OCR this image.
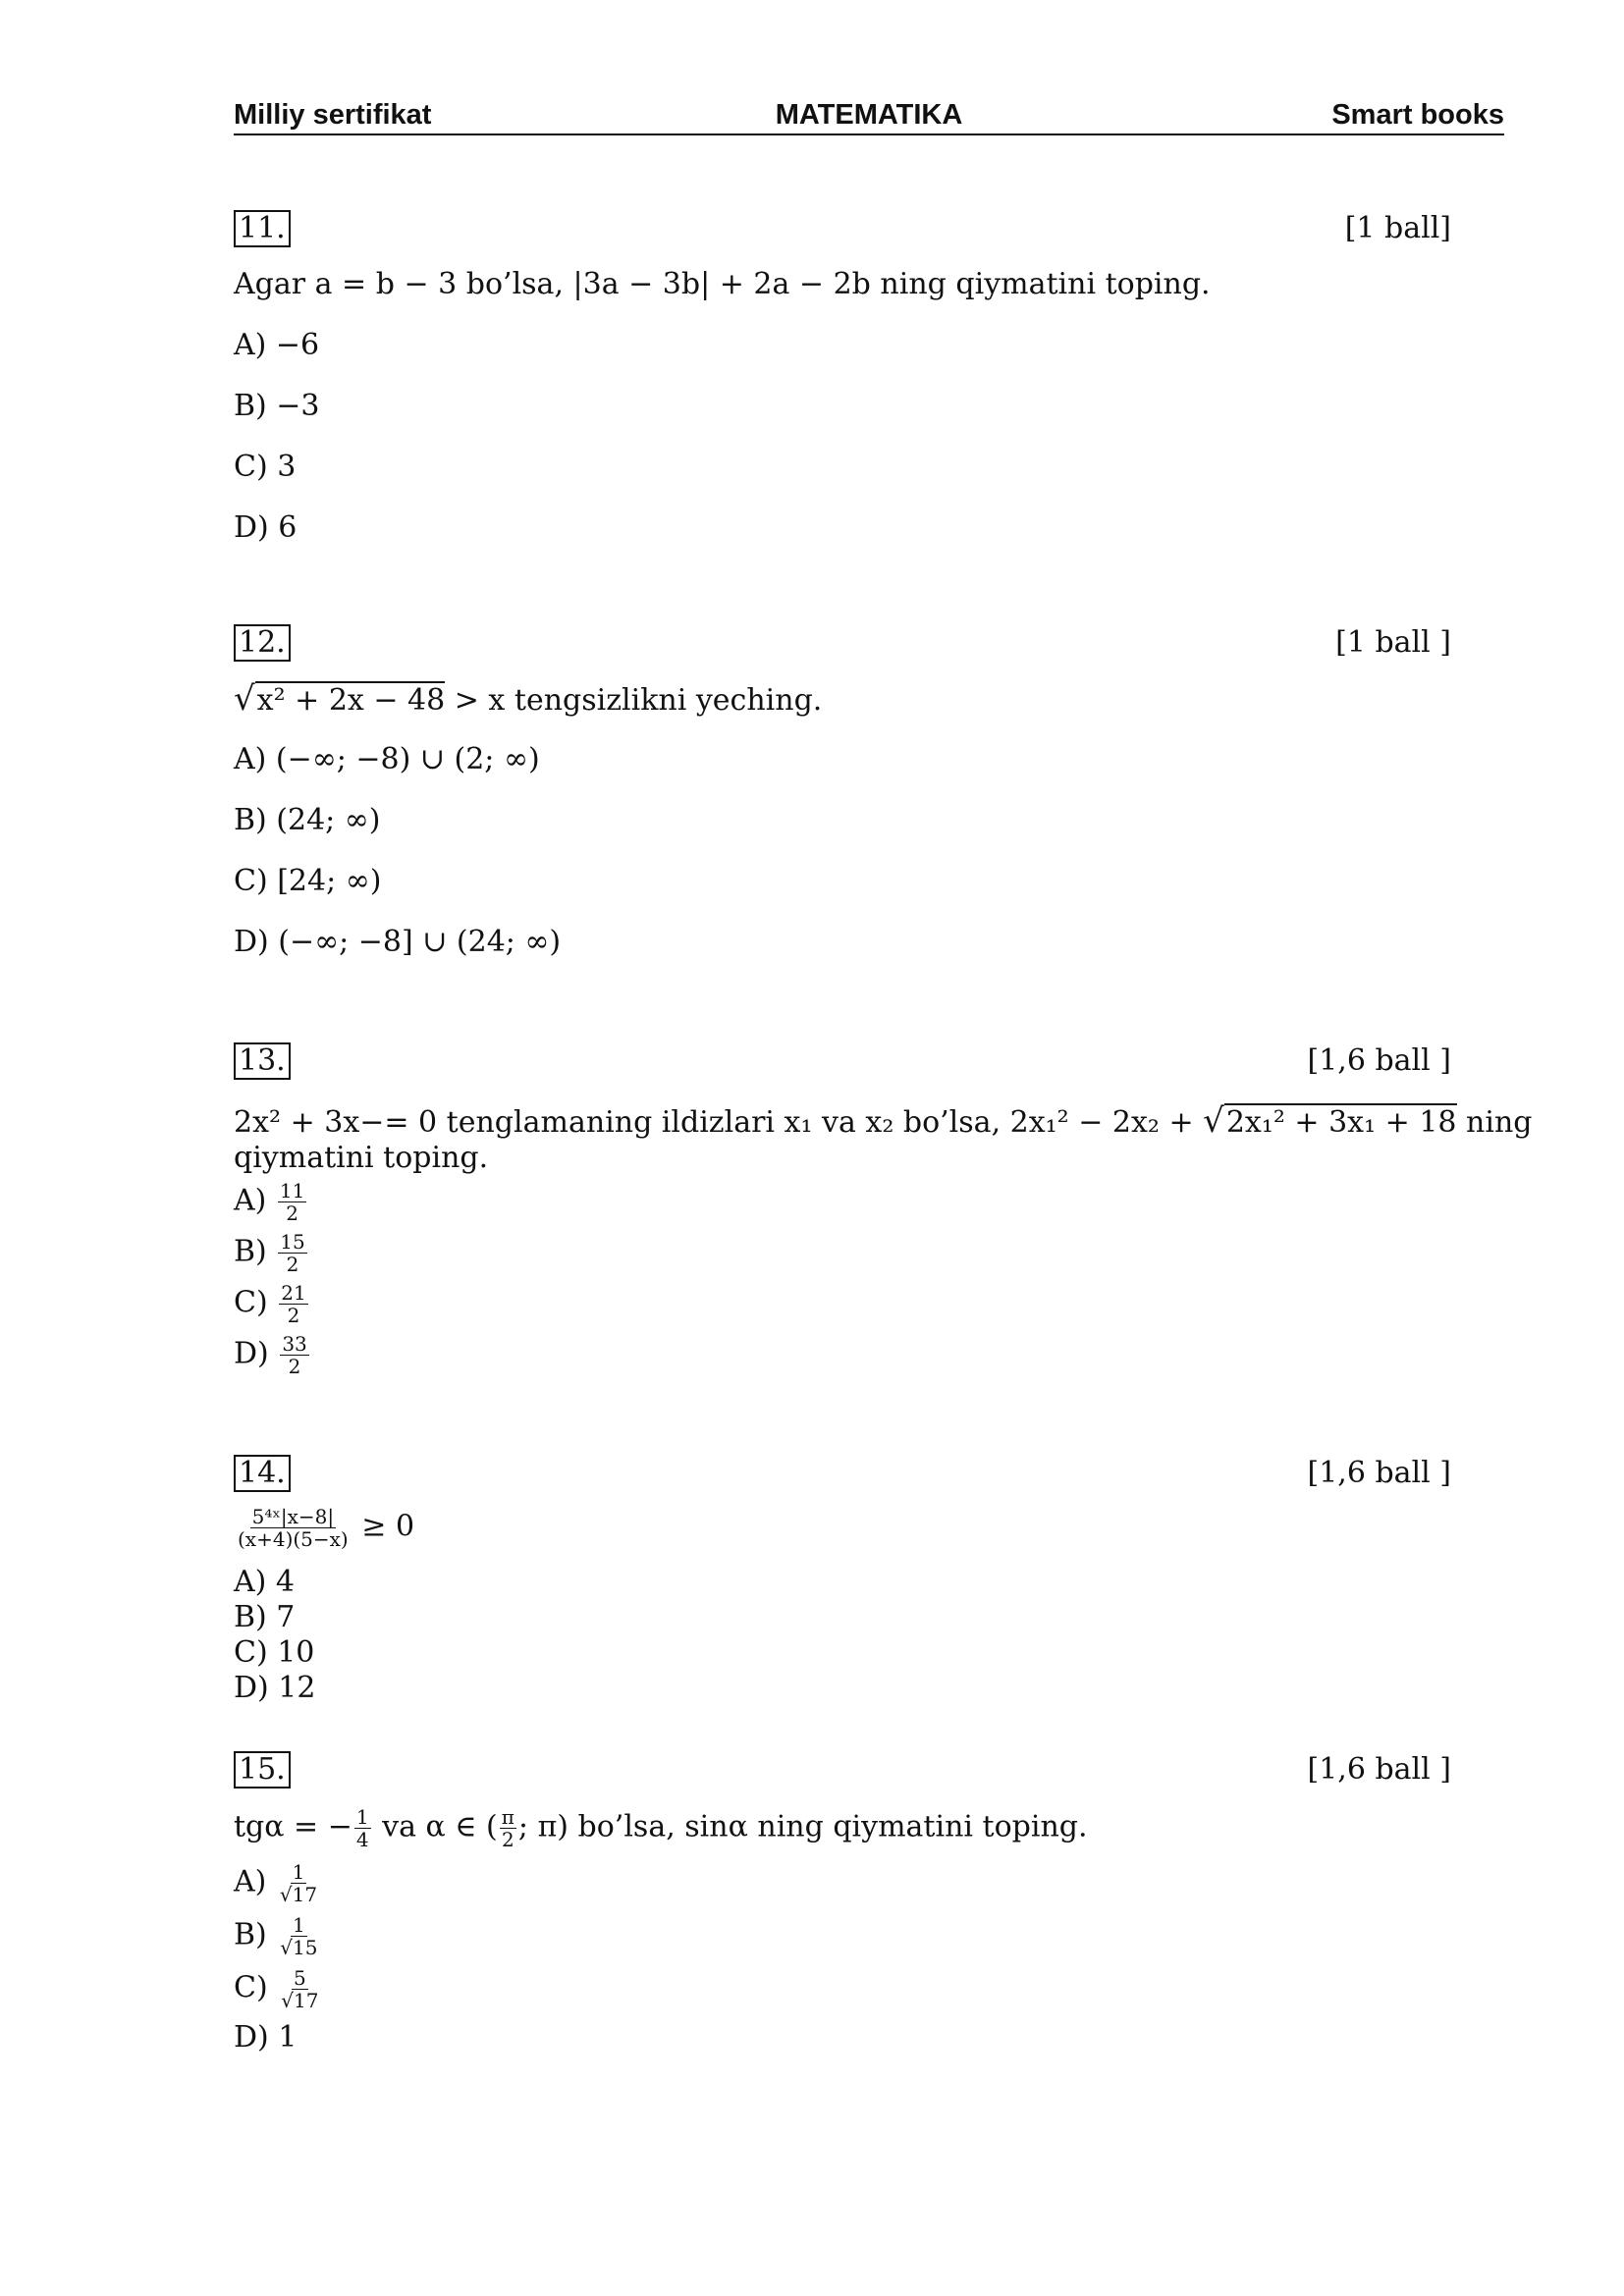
Milliy sertifikat	MATEMATIKA	Smart books
11.	[1 ball]
Agar a = b − 3 bo’lsa, |3a − 3b| + 2a − 2b ning qiymatini toping.
A) −6
B) −3
C) 3
D) 6
12.	[1 ball ]
√x² + 2x − 48 > x tengsizlikni yeching.
A) (−∞; −8) ∪ (2; ∞)
B) (24; ∞)
C) [24; ∞)
D) (−∞; −8] ∪ (24; ∞)
13.	[1,6 ball ]
2x² + 3x−= 0 tenglamaning ildizlari x₁ va x₂ bo’lsa, 2x₁² − 2x₂ + √2x₁² + 3x₁ + 18 ning
qiymatini toping.
$A) \frac{11}{2}$
$B) \frac{15}{2}$
$C) \frac{21}{2}$
$D) \frac{33}{2}$
14.	[1,6 ball ]
$\frac{\text{5⁴ˣ|x−8|}}{(x+4)(5-x)} \ge 0$
A) 4
B) 7
C) 10
D) 12
15.	[1,6 ball ]
tgα = − $\frac{1}{4}$ va α ∈ ( $\frac{\pi}{2}$ ; π) bo’lsa, sinα ning qiymatini toping.
$A) \frac{1}{√17}$
$B) \frac{1}{√15}$
$C) \frac{5}{√17}$
D) 1
